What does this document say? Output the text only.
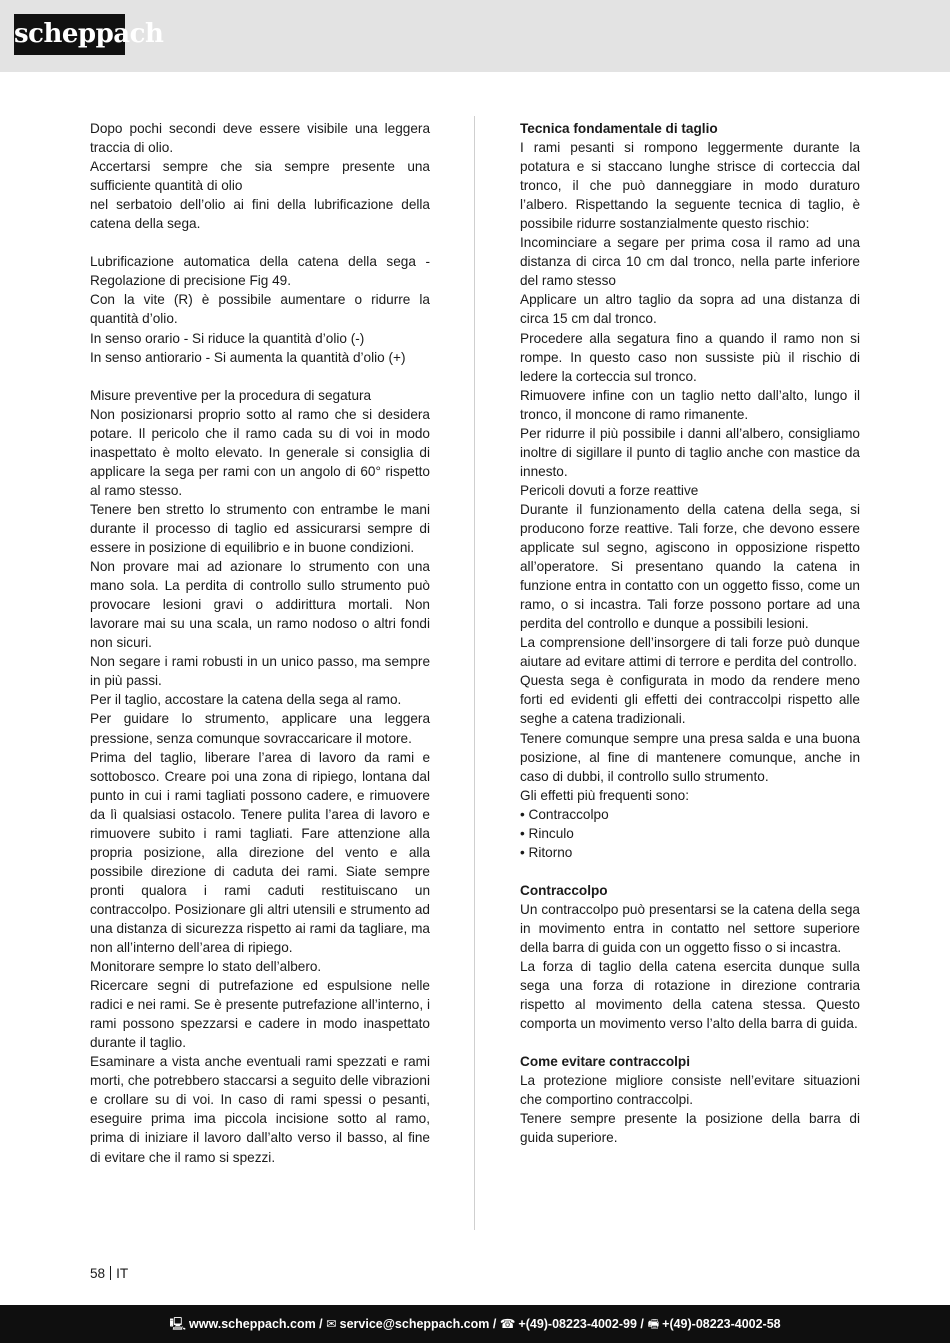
scheppach

Dopo pochi secondi deve essere visibile una leggera traccia di olio.

Accertarsi sempre che sia sempre presente una sufficiente quantità di olio

nel serbatoio dell’olio ai fini della lubrificazione della catena della sega.

Lubrificazione automatica della catena della sega - Regolazione di precisione Fig 49.

Con la vite (R) è possibile aumentare o ridurre la quantità d’olio.

In senso orario - Si riduce la quantità d’olio (-)

In senso antiorario - Si aumenta la quantità d’olio (+)

Misure preventive per la procedura di segatura

Non posizionarsi proprio sotto al ramo che si desidera potare. Il pericolo che il ramo cada su di voi in modo inaspettato è molto elevato. In generale si consiglia di applicare la sega per rami con un angolo di 60° rispetto al ramo stesso.

Tenere ben stretto lo strumento con entrambe le mani durante il processo di taglio ed assicurarsi sempre di essere in posizione di equilibrio e in buone condizioni.

Non provare mai ad azionare lo strumento con una mano sola. La perdita di controllo sullo strumento può provocare lesioni gravi o addirittura mortali. Non lavorare mai su una scala, un ramo nodoso o altri fondi non sicuri.

Non segare i rami robusti in un unico passo, ma sempre in più passi.

Per il taglio, accostare la catena della sega al ramo.

Per guidare lo strumento, applicare una leggera pressione, senza comunque sovraccaricare il motore.

Prima del taglio, liberare l’area di lavoro da rami e sottobosco. Creare poi una zona di ripiego, lontana dal punto in cui i rami tagliati possono cadere, e rimuovere da lì qualsiasi ostacolo. Tenere pulita l’area di lavoro e rimuovere subito i rami tagliati. Fare attenzione alla propria posizione, alla direzione del vento e alla possibile direzione di caduta dei rami. Siate sempre pronti qualora i rami caduti restituiscano un contraccolpo. Posizionare gli altri utensili e strumento ad una distanza di sicurezza rispetto ai rami da tagliare, ma non all’interno dell’area di ripiego.

Monitorare sempre lo stato dell’albero.

Ricercare segni di putrefazione ed espulsione nelle radici e nei rami. Se è presente putrefazione all’interno, i rami possono spezzarsi e cadere in modo inaspettato durante il taglio.

Esaminare a vista anche eventuali rami spezzati e rami morti, che potrebbero staccarsi a seguito delle vibrazioni e crollare su di voi. In caso di rami spessi o pesanti, eseguire prima ima piccola incisione sotto al ramo, prima di iniziare il lavoro dall’alto verso il basso, al fine di evitare che il ramo si spezzi.

Tecnica fondamentale di taglio

I rami pesanti si rompono leggermente durante la potatura e si staccano lunghe strisce di corteccia dal tronco, il che può danneggiare in modo duraturo l’albero. Rispettando la seguente tecnica di taglio, è possibile ridurre sostanzialmente questo rischio:

Incominciare a segare per prima cosa il ramo ad una distanza di circa 10 cm dal tronco, nella parte inferiore del ramo stesso

Applicare un altro taglio da sopra ad una distanza di circa 15 cm dal tronco.

Procedere alla segatura fino a quando il ramo non si rompe. In questo caso non sussiste più il rischio di ledere la corteccia sul tronco.

Rimuovere infine con un taglio netto dall’alto, lungo il tronco, il moncone di ramo rimanente.

Per ridurre il più possibile i danni all’albero, consigliamo inoltre di sigillare il punto di taglio anche con mastice da innesto.

Pericoli dovuti a forze reattive

Durante il funzionamento della catena della sega, si producono forze reattive. Tali forze, che devono essere applicate sul segno, agiscono in opposizione rispetto all’operatore. Si presentano quando la catena in funzione entra in contatto con un oggetto fisso, come un ramo, o si incastra. Tali forze possono portare ad una perdita del controllo e dunque a possibili lesioni.

La comprensione dell’insorgere di tali forze può dunque aiutare ad evitare attimi di terrore e perdita del controllo.

Questa sega è configurata in modo da rendere meno forti ed evidenti gli effetti dei contraccolpi rispetto alle seghe a catena tradizionali.

Tenere comunque sempre una presa salda e una buona posizione, al fine di mantenere comunque, anche in caso di dubbi, il controllo sullo strumento.

Gli effetti più frequenti sono:

• Contraccolpo

• Rinculo

• Ritorno

Contraccolpo

Un contraccolpo può presentarsi se la catena della sega in movimento entra in contatto nel settore superiore della barra di guida con un oggetto fisso o si incastra.

La forza di taglio della catena esercita dunque sulla sega una forza di rotazione in direzione contraria rispetto al movimento della catena stessa. Questo comporta un movimento verso l’alto della barra di guida.

Come evitare contraccolpi

La protezione migliore consiste nell’evitare situazioni che comportino contraccolpi.

Tenere sempre presente la posizione della barra di guida superiore.

58 IT
🖳 www.scheppach.com / ✉ service@scheppach.com / ☎ +(49)-08223-4002-99 / 🖷 +(49)-08223-4002-58
